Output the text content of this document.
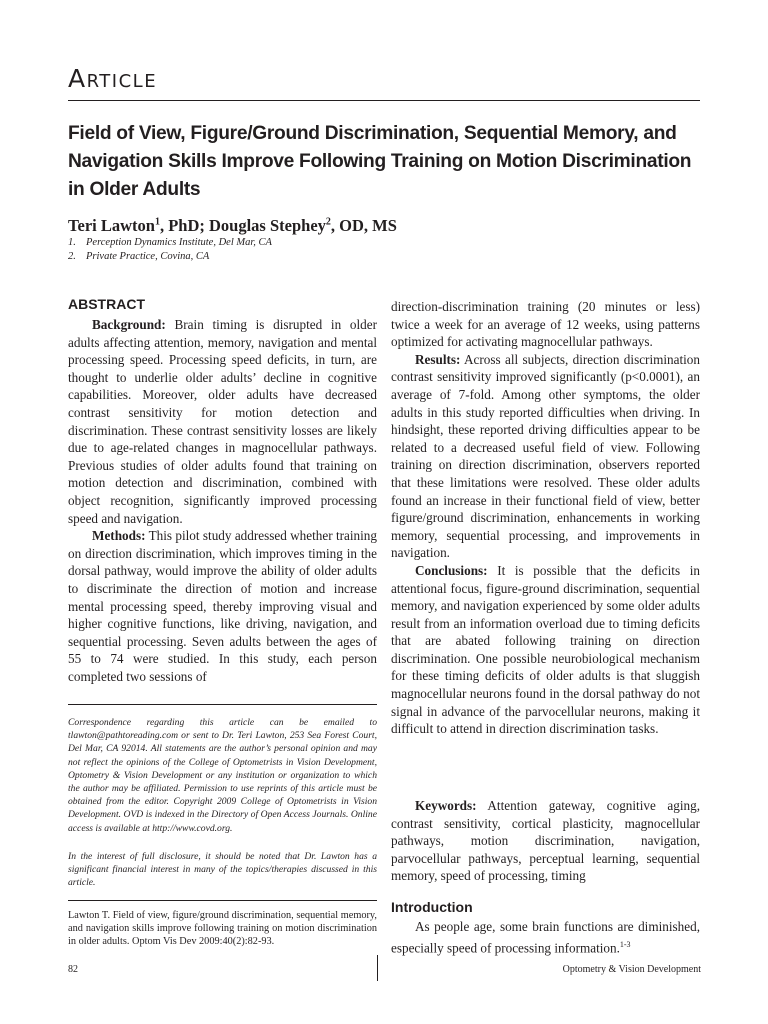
Article
Field of View, Figure/Ground Discrimination, Sequential Memory, and Navigation Skills Improve Following Training on Motion Discrimination in Older Adults
Teri Lawton$^1$, PhD; Douglas Stephey$^2$, OD, MS
1. Perception Dynamics Institute, Del Mar, CA
2. Private Practice, Covina, CA
ABSTRACT

Background: Brain timing is disrupted in older adults affecting attention, memory, navigation and mental processing speed. Processing speed deficits, in turn, are thought to underlie older adults’ decline in cognitive capabilities. Moreover, older adults have decreased contrast sensitivity for motion detection and discrimination. These contrast sensitivity losses are likely due to age-related changes in magnocellular pathways. Previous studies of older adults found that training on motion detection and discrimination, combined with object recognition, significantly improved processing speed and navigation.

Methods: This pilot study addressed whether training on direction discrimination, which improves timing in the dorsal pathway, would improve the ability of older adults to discriminate the direction of motion and increase mental processing speed, thereby improving visual and higher cognitive functions, like driving, navigation, and sequential processing. Seven adults between the ages of 55 to 74 were studied. In this study, each person completed two sessions of

Correspondence regarding this article can be emailed to tlawton@pathtoreading.com or sent to Dr. Teri Lawton, 253 Sea Forest Court, Del Mar, CA 92014. All statements are the author’s personal opinion and may not reflect the opinions of the College of Optometrists in Vision Development, Optometry & Vision Development or any institution or organization to which the author may be affiliated. Permission to use reprints of this article must be obtained from the editor. Copyright 2009 College of Optometrists in Vision Development. OVD is indexed in the Directory of Open Access Journals. Online access is available at http://www.covd.org.
In the interest of full disclosure, it should be noted that Dr. Lawton has a significant financial interest in many of the topics/therapies discussed in this article.
Lawton T. Field of view, figure/ground discrimination, sequential memory, and navigation skills improve following training on motion discrimination in older adults. Optom Vis Dev 2009:40(2):82-93.

direction-discrimination training (20 minutes or less) twice a week for an average of 12 weeks, using patterns optimized for activating magnocellular pathways.

Results: Across all subjects, direction discrimination contrast sensitivity improved significantly (p<0.0001), an average of 7-fold. Among other symptoms, the older adults in this study reported difficulties when driving. In hindsight, these reported driving difficulties appear to be related to a decreased useful field of view. Following training on direction discrimination, observers reported that these limitations were resolved. These older adults found an increase in their functional field of view, better figure/ground discrimination, enhancements in working memory, sequential processing, and improvements in navigation.

Conclusions: It is possible that the deficits in attentional focus, figure-ground discrimination, sequential memory, and navigation experienced by some older adults result from an information overload due to timing deficits that are abated following training on direction discrimination. One possible neurobiological mechanism for these timing deficits of older adults is that sluggish magnocellular neurons found in the dorsal pathway do not signal in advance of the parvocellular neurons, making it difficult to attend in direction discrimination tasks.

Keywords: Attention gateway, cognitive aging, contrast sensitivity, cortical plasticity, magnocellular pathways, motion discrimination, navigation, parvocellular pathways, perceptual learning, sequential memory, speed of processing, timing

Introduction

As people age, some brain functions are diminished, especially speed of processing information.$^{1-3}$

82	Optometry & Vision Development
